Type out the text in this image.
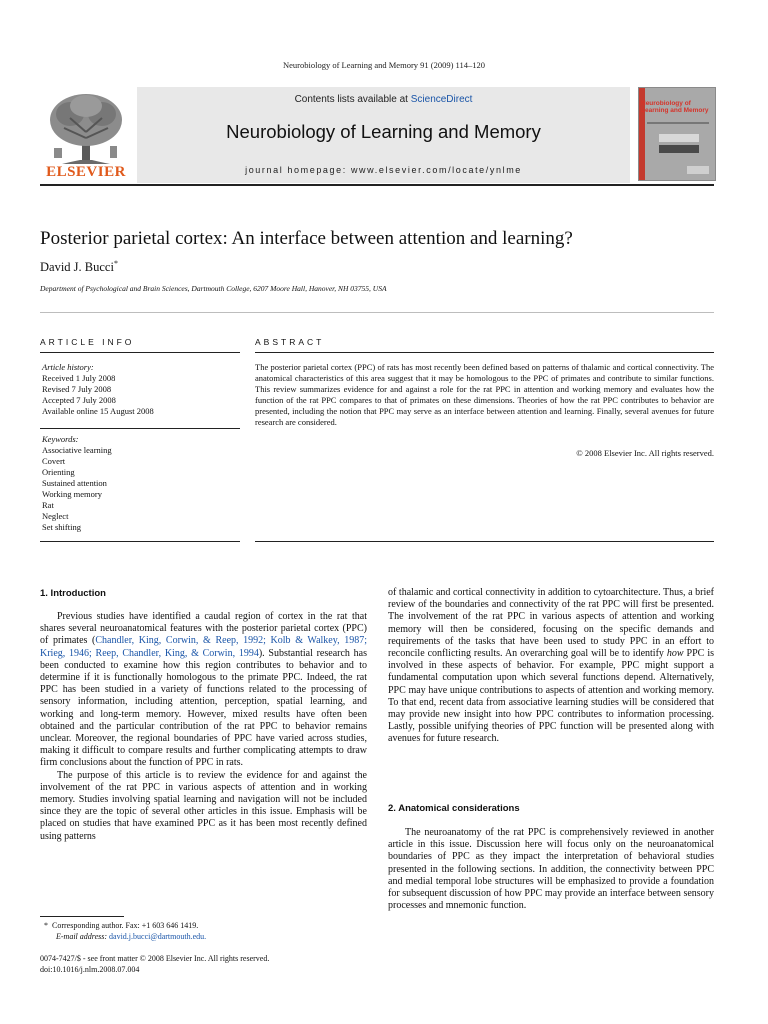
Neurobiology of Learning and Memory 91 (2009) 114–120
Contents lists available at ScienceDirect
Neurobiology of Learning and Memory
journal homepage: www.elsevier.com/locate/ynlme
ELSEVIER
Neurobiology of Learning and Memory
Posterior parietal cortex: An interface between attention and learning?
David J. Bucci*
Department of Psychological and Brain Sciences, Dartmouth College, 6207 Moore Hall, Hanover, NH 03755, USA
ARTICLE INFO	ABSTRACT
Article history:
Received 1 July 2008
Revised 7 July 2008
Accepted 7 July 2008
Available online 15 August 2008
Keywords:
Associative learning
Covert
Orienting
Sustained attention
Working memory
Rat
Neglect
Set shifting
The posterior parietal cortex (PPC) of rats has most recently been defined based on patterns of thalamic and cortical connectivity. The anatomical characteristics of this area suggest that it may be homologous to the PPC of primates and contribute to similar functions. This review summarizes evidence for and against a role for the rat PPC in attention and working memory and evaluates how the function of the rat PPC compares to that of primates on these dimensions. Theories of how the rat PPC contributes to behavior are presented, including the notion that PPC may serve as an interface between attention and learning. Finally, several avenues for future research are considered.
© 2008 Elsevier Inc. All rights reserved.
1. Introduction

Previous studies have identified a caudal region of cortex in the rat that shares several neuroanatomical features with the posterior parietal cortex (PPC) of primates (Chandler, King, Corwin, & Reep, 1992; Kolb & Walkey, 1987; Krieg, 1946; Reep, Chandler, King, & Corwin, 1994). Substantial research has been conducted to examine how this region contributes to behavior and to determine if it is functionally homologous to the primate PPC. Indeed, the rat PPC has been studied in a variety of functions related to the processing of sensory information, including attention, perception, spatial learning, and working and long-term memory. However, mixed results have often been obtained and the particular contribution of the rat PPC to behavior remains unclear. Moreover, the regional boundaries of PPC have varied across studies, making it difficult to compare results and further complicating attempts to draw firm conclusions about the function of PPC in rats.

The purpose of this article is to review the evidence for and against the involvement of the rat PPC in various aspects of attention and in working memory. Studies involving spatial learning and navigation will not be included since they are the topic of several other articles in this issue. Emphasis will be placed on studies that have examined PPC as it has been most recently defined using patterns

of thalamic and cortical connectivity in addition to cytoarchitecture. Thus, a brief review of the boundaries and connectivity of the rat PPC will first be presented. The involvement of the rat PPC in various aspects of attention and working memory will then be considered, focusing on the specific demands and requirements of the tasks that have been used to study PPC in an effort to reconcile conflicting results. An overarching goal will be to identify how PPC is involved in these aspects of behavior. For example, PPC might support a fundamental computation upon which several functions depend. Alternatively, PPC may have unique contributions to aspects of attention and working memory. To that end, recent data from associative learning studies will be considered that may provide new insight into how PPC contributes to information processing. Lastly, possible unifying theories of PPC function will be presented along with avenues for future research.

2. Anatomical considerations

The neuroanatomy of the rat PPC is comprehensively reviewed in another article in this issue. Discussion here will focus only on the neuroanatomical boundaries of PPC as they impact the interpretation of behavioral studies presented in the following sections. In addition, the connectivity between PPC and medial temporal lobe structures will be emphasized to provide a foundation for subsequent discussion of how PPC may provide an interface between sensory processes and mnemonic function.

* Corresponding author. Fax: +1 603 646 1419.
E-mail address: david.j.bucci@dartmouth.edu.
0074-7427/$ - see front matter © 2008 Elsevier Inc. All rights reserved.
doi:10.1016/j.nlm.2008.07.004
